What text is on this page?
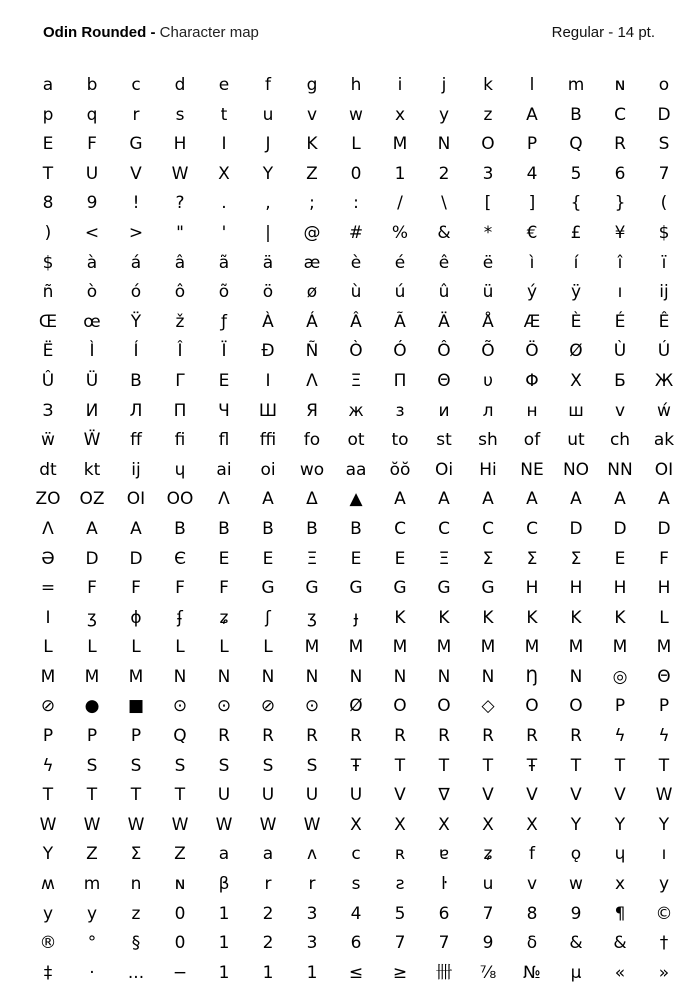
Odin Rounded - Character map	Regular - 14 pt.
a	b	c	d	e	f	g	h	i	j	k	l	m	ɴ	o
p	q	r	s	t	u	v	w	x	y	z	A	B	C	D
E	F	G	H	I	J	K	L	M	N	O	P	Q	R	S
T	U	V	W	X	Y	Z	0	1	2	3	4	5	6	7
8	9	!	?	.	,	;	:	/	\	[	]	{	}	(
)	<	>	"	'	|	@	#	%	&	*	€	£	¥	$
$	à	á	â	ã	ä	æ	è	é	ê	ë	ì	í	î	ï
ñ	ò	ó	ô	õ	ö	ø	ù	ú	û	ü	ý	ÿ	ı	ĳ
Œ	œ	Ÿ	ž	ƒ	À	Á	Â	Ã	Ä	Å	Æ	È	É	Ê
Ë	Ì	Í	Î	Ï	Ð	Ñ	Ò	Ó	Ô	Õ	Ö	Ø	Ù	Ú
Û	Ü	B	Γ	E	I	Λ	Ξ	Π	Θ	υ	Φ	X	Б	Ж
З	И	Л	П	Ч	Ш	Я	ж	з	и	л	н	ш	v	ẃ
ẅ	Ẅ	ff	fi	fl	ffi	fo	ot	to	st	sh	of	ut	ch	ak
dt	kt	ij	ɥ	ai	oi	wo	aa	ŏŏ	Oi	Hi	NE	NO	NN	OI
ZO	OZ	OI	OO	Λ	A	Δ	▲	A	A	A	A	A	A	A
Λ	A	A	B	B	B	B	B	C	C	C	C	D	D	D
Ə	D	D	Є	E	E	Ξ	E	E	Ξ	Σ	Σ	Σ	E	F
=	F	F	F	F	G	G	G	G	G	G	H	H	H	H
I	ʒ	ɸ	ʄ	ʑ	ʃ	ʒ	ɟ	K	K	K	K	K	K	L
L	L	L	L	L	L	M	M	M	M	M	M	M	M	M
M	M	M	N	N	N	N	N	N	N	N	Ŋ	N	◎	Θ
⊘	●	■	⊙	⊙	⊘	⊙	Ø	O	O	◇	O	O	P	P
P	P	P	Q	R	R	R	R	R	R	R	R	R	ϟ	ϟ
ϟ	S	S	S	S	S	S	Ŧ	T	T	T	Ŧ	T	T	T
T	T	T	T	U	U	U	U	V	∇	V	V	V	V	W
W	W	W	W	W	W	W	X	X	X	X	X	Y	Y	Y
Y	Z	Σ	Z	a	a	ʌ	c	ʀ	ɐ	ʑ	f	ǫ	ɥ	ı
ʍ	m	n	ɴ	β	r	r	s	ƨ	ŀ	u	v	w	x	y
y	y	z	0	1	2	3	4	5	6	7	8	9	¶	©
®	°	§	0	1	2	3	6	7	7	9	δ	&	&	†
‡	·	...	−	1	1	1	≤	≥	卌	⅞	№	μ	«	»
